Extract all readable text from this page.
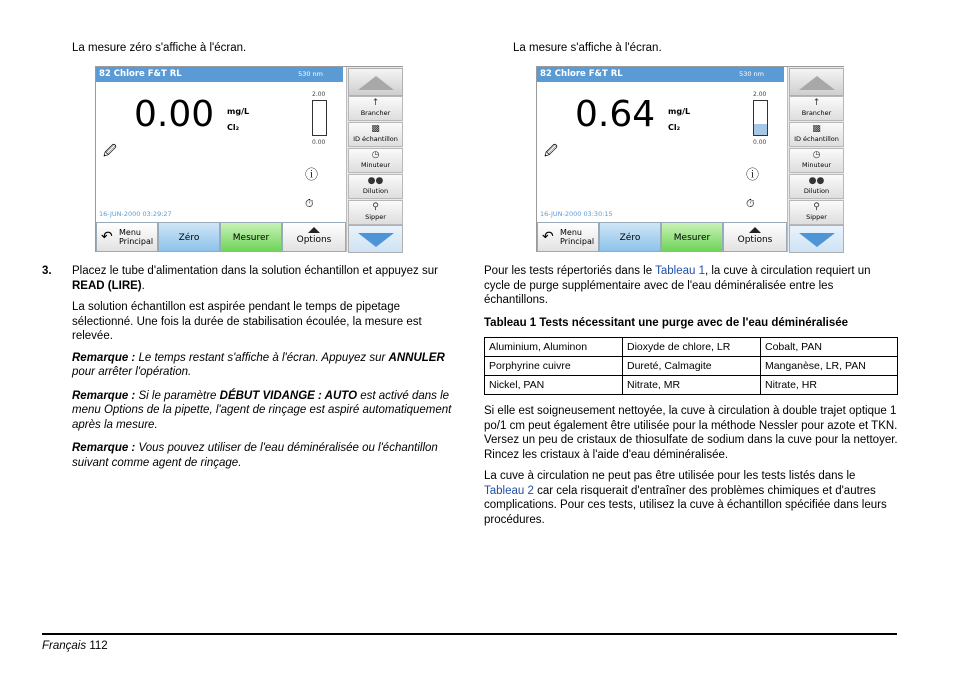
La mesure zéro s'affiche à l'écran.	La mesure s'affiche à l'écran.

82 Chlore F&T RL	530 nm
0.00 mg/L
Cl₂
2.00
0.00
🖉
ⓘ
⏱
16-JUN-2000 03:29:27
↑
Brancher
▩
ID échantillon
◷
Minuteur
●●
Dilution
⚲
Sipper
↶ Menu
Principal	Zéro	Mesurer	Options
82 Chlore F&T RL	530 nm
0.64 mg/L
Cl₂
2.00
0.00
🖉
ⓘ
⏱
16-JUN-2000 03:30:15
↑
Brancher
▩
ID échantillon
◷
Minuteur
●●
Dilution
⚲
Sipper
↶ Menu
Principal	Zéro	Mesurer	Options
3. Placez le tube d'alimentation dans la solution échantillon et appuyez sur READ (LIRE).

La solution échantillon est aspirée pendant le temps de pipetage sélectionné. Une fois la durée de stabilisation écoulée, la mesure est relevée.

Remarque : Le temps restant s'affiche à l'écran. Appuyez sur ANNULER pour arrêter l'opération.

Remarque : Si le paramètre DÉBUT VIDANGE : AUTO est activé dans le menu Options de la pipette, l'agent de rinçage est aspiré automatiquement après la mesure.

Remarque : Vous pouvez utiliser de l'eau déminéralisée ou l'échantillon suivant comme agent de rinçage.

Pour les tests répertoriés dans le Tableau 1, la cuve à circulation requiert un cycle de purge supplémentaire avec de l'eau déminéralisée entre les échantillons.

Tableau 1 Tests nécessitant une purge avec de l'eau déminéralisée

Aluminium, Aluminon	Dioxyde de chlore, LR	Cobalt, PAN
Porphyrine cuivre	Dureté, Calmagite	Manganèse, LR, PAN
Nickel, PAN	Nitrate, MR	Nitrate, HR

Si elle est soigneusement nettoyée, la cuve à circulation à double trajet optique 1 po/1 cm peut également être utilisée pour la méthode Nessler pour azote et TKN. Versez un peu de cristaux de thiosulfate de sodium dans la cuve pour la nettoyer. Rincez les cristaux à l'aide d'eau déminéralisée.

La cuve à circulation ne peut pas être utilisée pour les tests listés dans le Tableau 2 car cela risquerait d'entraîner des problèmes chimiques et d'autres complications. Pour ces tests, utilisez la cuve à échantillon spécifiée dans leurs procédures.

Français 112
